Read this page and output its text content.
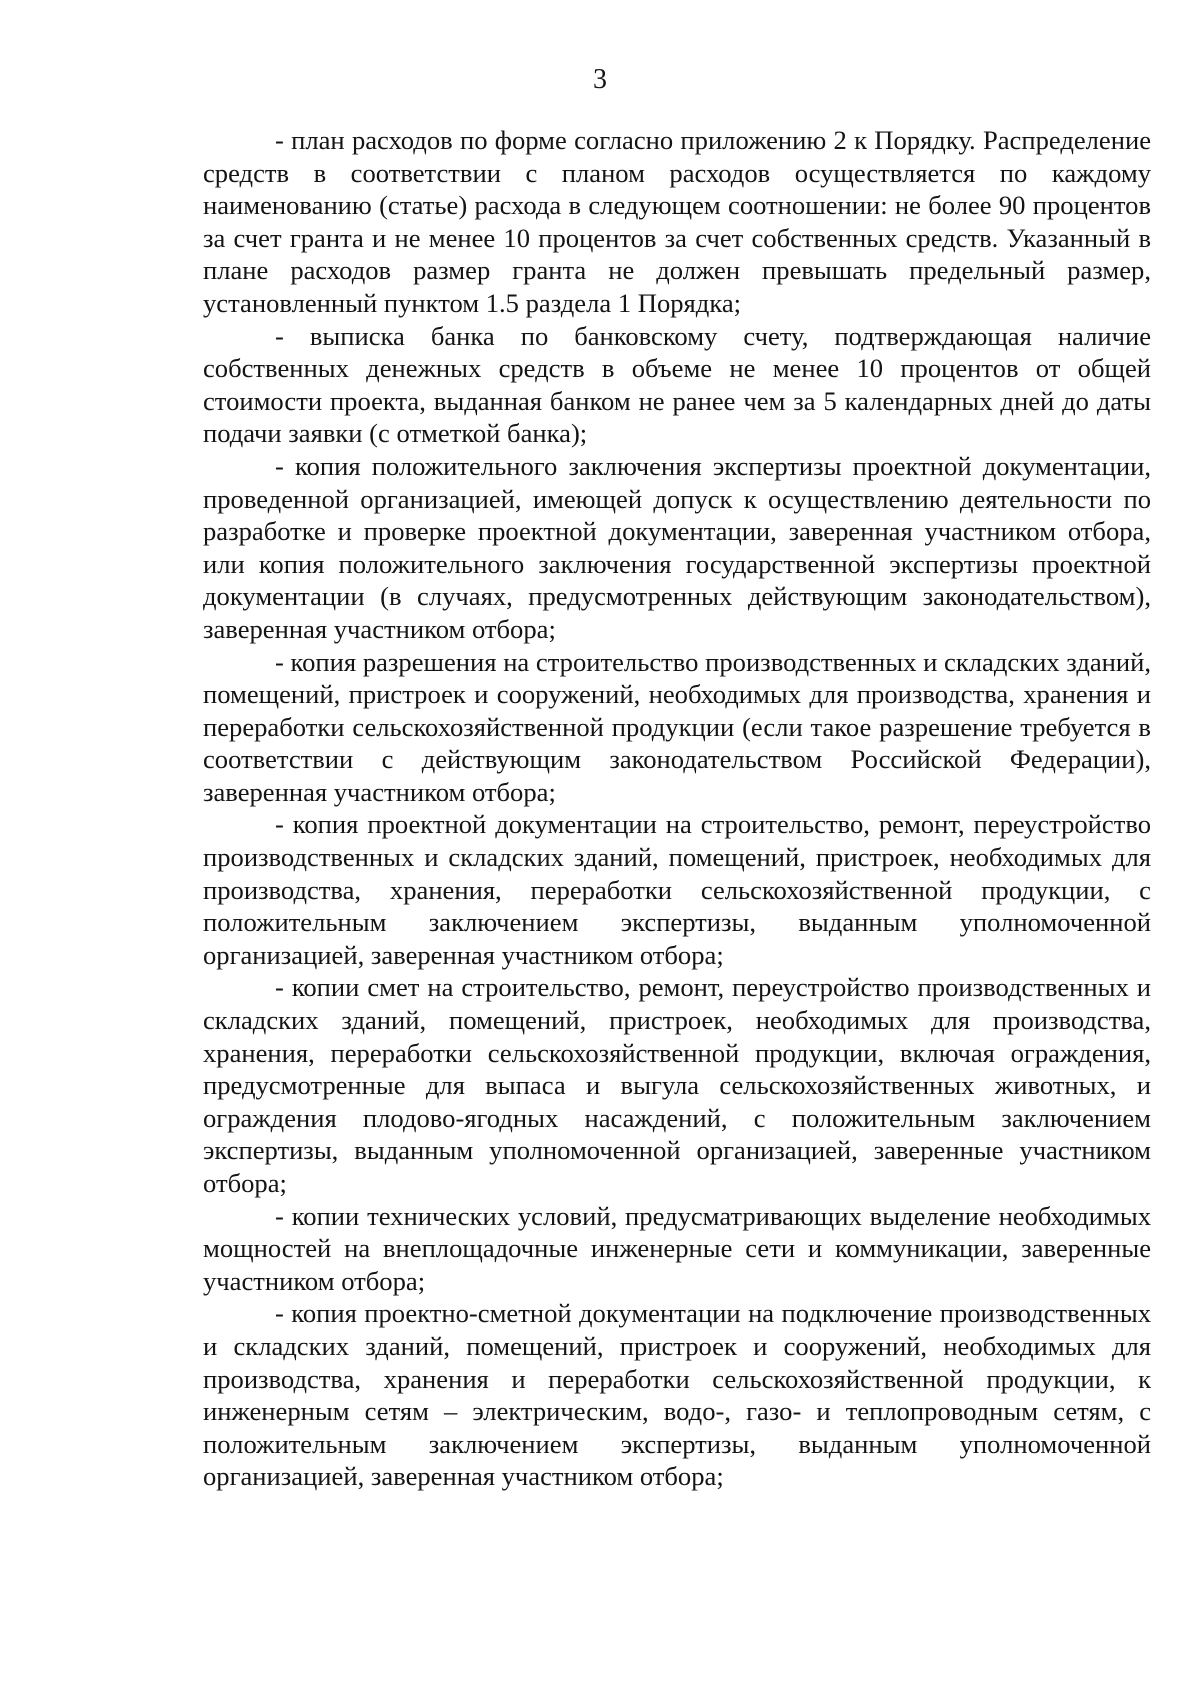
3

- план расходов по форме согласно приложению 2 к Порядку. Распределение средств в соответствии с планом расходов осуществляется по каждому наименованию (статье) расхода в следующем соотношении: не более 90 процентов за счет гранта и не менее 10 процентов за счет собственных средств. Указанный в плане расходов размер гранта не должен превышать предельный размер, установленный пунктом 1.5 раздела 1 Порядка;

- выписка банка по банковскому счету, подтверждающая наличие собственных денежных средств в объеме не менее 10 процентов от общей стоимости проекта, выданная банком не ранее чем за 5 календарных дней до даты подачи заявки (с отметкой банка);

- копия положительного заключения экспертизы проектной документации, проведенной организацией, имеющей допуск к осуществлению деятельности по разработке и проверке проектной документации, заверенная участником отбора, или копия положительного заключения государственной экспертизы проектной документации (в случаях, предусмотренных действующим законодательством), заверенная участником отбора;

- копия разрешения на строительство производственных и складских зданий, помещений, пристроек и сооружений, необходимых для производства, хранения и переработки сельскохозяйственной продукции (если такое разрешение требуется в соответствии с действующим законодательством Российской Федерации), заверенная участником отбора;

- копия проектной документации на строительство, ремонт, переустройство производственных и складских зданий, помещений, пристроек, необходимых для производства, хранения, переработки сельскохозяйственной продукции, с положительным заключением экспертизы, выданным уполномоченной организацией, заверенная участником отбора;

- копии смет на строительство, ремонт, переустройство производственных и складских зданий, помещений, пристроек, необходимых для производства, хранения, переработки сельскохозяйственной продукции, включая ограждения, предусмотренные для выпаса и выгула сельскохозяйственных животных, и ограждения плодово-ягодных насаждений, с положительным заключением экспертизы, выданным уполномоченной организацией, заверенные участником отбора;

- копии технических условий, предусматривающих выделение необходимых мощностей на внеплощадочные инженерные сети и коммуникации, заверенные участником отбора;

- копия проектно-сметной документации на подключение производственных и складских зданий, помещений, пристроек и сооружений, необходимых для производства, хранения и переработки сельскохозяйственной продукции, к инженерным сетям – электрическим, водо-, газо- и теплопроводным сетям, с положительным заключением экспертизы, выданным уполномоченной организацией, заверенная участником отбора;
